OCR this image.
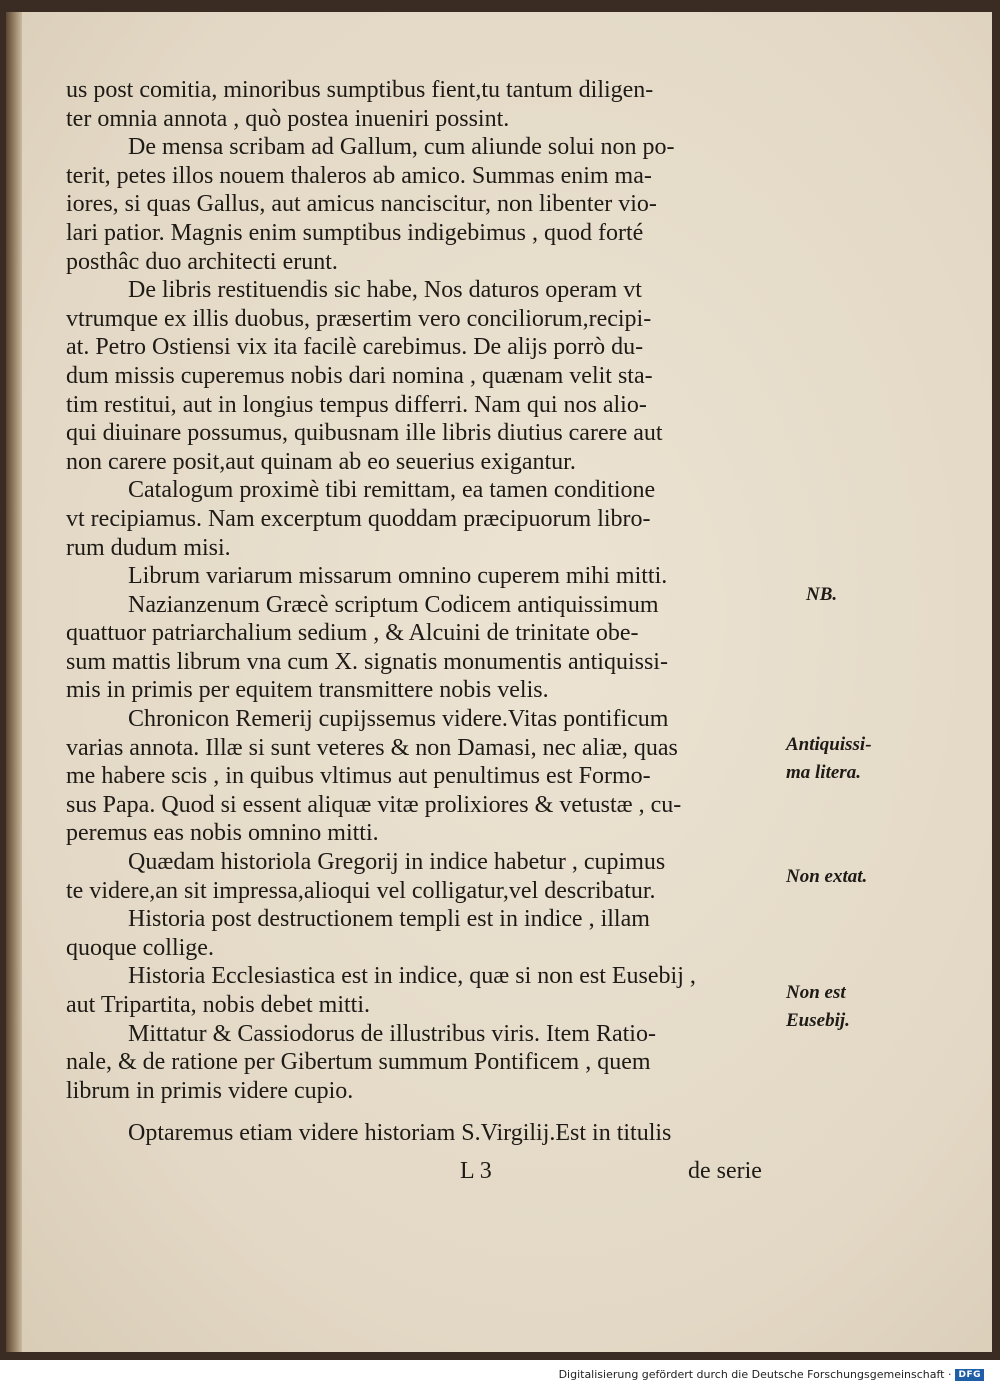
us post comitia, minoribus sumptibus fient,tu tantum diligen-
ter omnia annota , quò postea inueniri possint.
De mensa scribam ad Gallum, cum aliunde solui non po-
terit, petes illos nouem thaleros ab amico. Summas enim ma-
iores, si quas Gallus, aut amicus nanciscitur, non libenter vio-
lari patior. Magnis enim sumptibus indigebimus , quod forté
posthâc duo architecti erunt.
De libris restituendis sic habe, Nos daturos operam vt
vtrumque ex illis duobus, præsertim vero conciliorum,recipi-
at. Petro Ostiensi vix ita facilè carebimus. De alijs porrò du-
dum missis cuperemus nobis dari nomina , quænam velit sta-
tim restitui, aut in longius tempus differri. Nam qui nos alio-
qui diuinare possumus, quibusnam ille libris diutius carere aut
non carere posit,aut quinam ab eo seuerius exigantur.
Catalogum proximè tibi remittam, ea tamen conditione
vt recipiamus. Nam excerptum quoddam præcipuorum libro-
rum dudum misi.
Librum variarum missarum omnino cuperem mihi mitti.
Nazianzenum Græcè scriptum Codicem antiquissimum
quattuor patriarchalium sedium , & Alcuini de trinitate obe-
sum mattis librum vna cum X. signatis monumentis antiquissi-
mis in primis per equitem transmittere nobis velis.
Chronicon Remerij cupijssemus videre.Vitas pontificum
varias annota. Illæ si sunt veteres & non Damasi, nec aliæ, quas
me habere scis , in quibus vltimus aut penultimus est Formo-
sus Papa. Quod si essent aliquæ vitæ prolixiores & vetustæ , cu-
peremus eas nobis omnino mitti.
Quædam historiola Gregorij in indice habetur , cupimus
te videre,an sit impressa,alioqui vel colligatur,vel describatur.
Historia post destructionem templi est in indice , illam
quoque collige.
Historia Ecclesiastica est in indice, quæ si non est Eusebij ,
aut Tripartita, nobis debet mitti.
Mittatur & Cassiodorus de illustribus viris. Item Ratio-
nale, & de ratione per Gibertum summum Pontificem , quem
librum in primis videre cupio.
Optaremus etiam videre historiam S.Virgilij.Est in titulis
NB.
Antiquissi-
ma litera.
Non extat.
Non est
Eusebij.
L 3	de serie
Digitalisierung gefördert durch die Deutsche Forschungsgemeinschaft · DFG
